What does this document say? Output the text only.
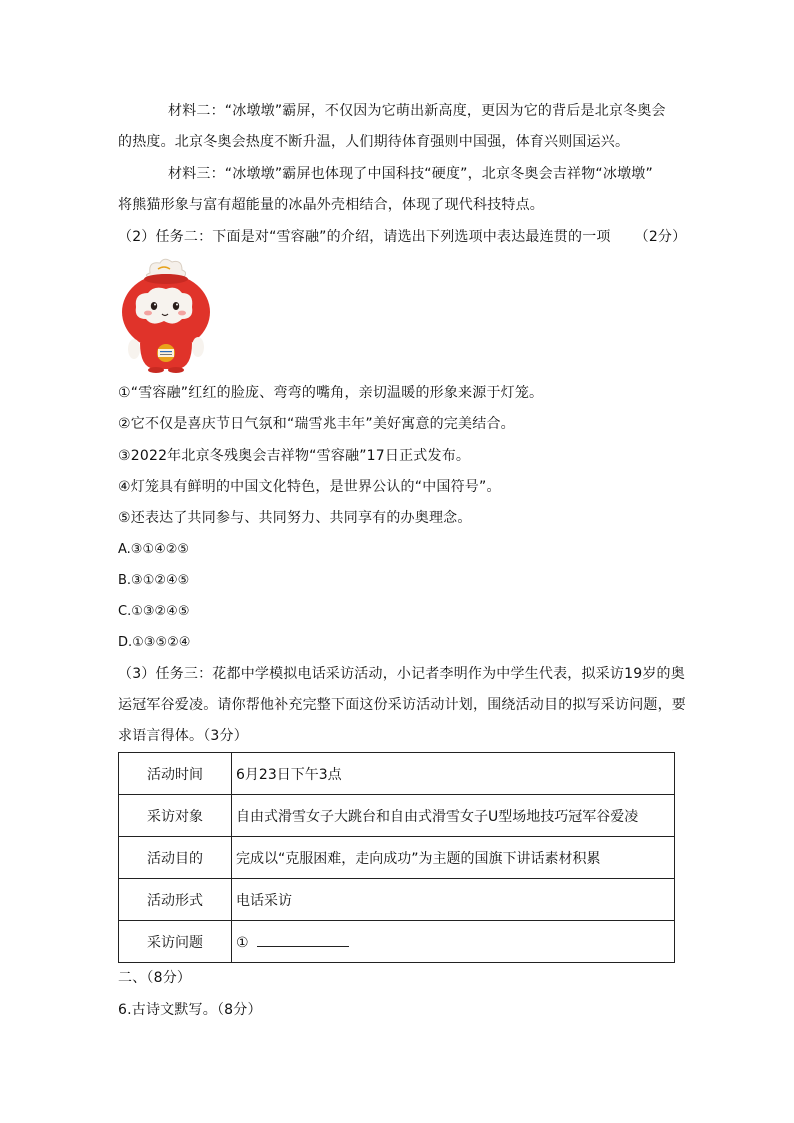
材料二：“冰墩墩”霸屏，不仅因为它萌出新高度，更因为它的背后是北京冬奥会
的热度。北京冬奥会热度不断升温，人们期待体育强则中国强，体育兴则国运兴。
材料三：“冰墩墩”霸屏也体现了中国科技“硬度”，北京冬奥会吉祥物“冰墩墩”
将熊猫形象与富有超能量的冰晶外壳相结合，体现了现代科技特点。
（2）任务二：下面是对“雪容融”的介绍，请选出下列选项中表达最连贯的一项 （2分）
①“雪容融”红红的脸庞、弯弯的嘴角，亲切温暖的形象来源于灯笼。
②它不仅是喜庆节日气氛和“瑞雪兆丰年”美好寓意的完美结合。
③2022年北京冬残奥会吉祥物“雪容融”17日正式发布。
④灯笼具有鲜明的中国文化特色，是世界公认的“中国符号”。
⑤还表达了共同参与、共同努力、共同享有的办奥理念。
A.③①④②⑤
B.③①②④⑤
C.①③②④⑤
D.①③⑤②④
（3）任务三：花都中学模拟电话采访活动，小记者李明作为中学生代表，拟采访19岁的奥
运冠军谷爱凌。请你帮他补充完整下面这份采访活动计划，围绕活动目的拟写采访问题，要
求语言得体。（3分）
活动时间	6月23日下午3点
采访对象	自由式滑雪女子大跳台和自由式滑雪女子U型场地技巧冠军谷爱凌
活动目的	完成以“克服困难，走向成功”为主题的国旗下讲话素材积累
活动形式	电话采访
采访问题	①
二、（8分）
6.古诗文默写。（8分）
